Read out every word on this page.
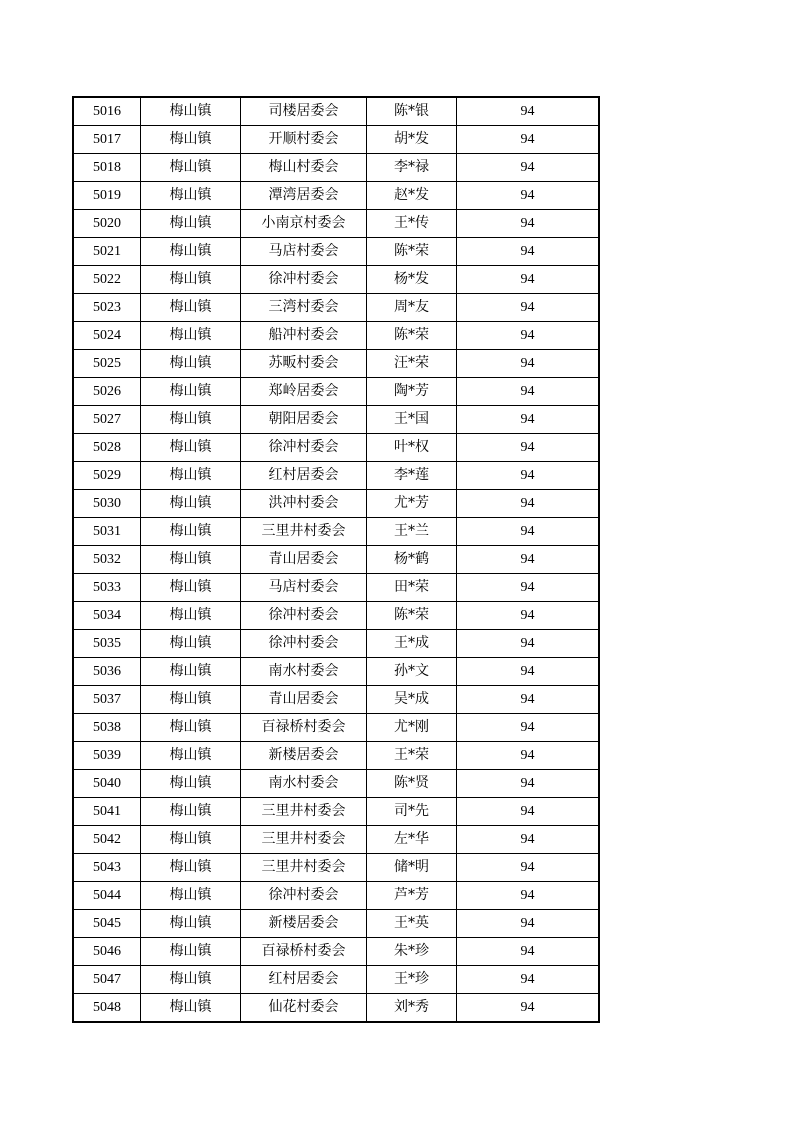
5016	梅山镇	司楼居委会	陈*银	94
5017	梅山镇	开顺村委会	胡*发	94
5018	梅山镇	梅山村委会	李*禄	94
5019	梅山镇	潭湾居委会	赵*发	94
5020	梅山镇	小南京村委会	王*传	94
5021	梅山镇	马店村委会	陈*荣	94
5022	梅山镇	徐冲村委会	杨*发	94
5023	梅山镇	三湾村委会	周*友	94
5024	梅山镇	船冲村委会	陈*荣	94
5025	梅山镇	苏畈村委会	汪*荣	94
5026	梅山镇	郑岭居委会	陶*芳	94
5027	梅山镇	朝阳居委会	王*国	94
5028	梅山镇	徐冲村委会	叶*权	94
5029	梅山镇	红村居委会	李*莲	94
5030	梅山镇	洪冲村委会	尤*芳	94
5031	梅山镇	三里井村委会	王*兰	94
5032	梅山镇	青山居委会	杨*鹤	94
5033	梅山镇	马店村委会	田*荣	94
5034	梅山镇	徐冲村委会	陈*荣	94
5035	梅山镇	徐冲村委会	王*成	94
5036	梅山镇	南水村委会	孙*文	94
5037	梅山镇	青山居委会	吴*成	94
5038	梅山镇	百禄桥村委会	尤*刚	94
5039	梅山镇	新楼居委会	王*荣	94
5040	梅山镇	南水村委会	陈*贤	94
5041	梅山镇	三里井村委会	司*先	94
5042	梅山镇	三里井村委会	左*华	94
5043	梅山镇	三里井村委会	储*明	94
5044	梅山镇	徐冲村委会	芦*芳	94
5045	梅山镇	新楼居委会	王*英	94
5046	梅山镇	百禄桥村委会	朱*珍	94
5047	梅山镇	红村居委会	王*珍	94
5048	梅山镇	仙花村委会	刘*秀	94
